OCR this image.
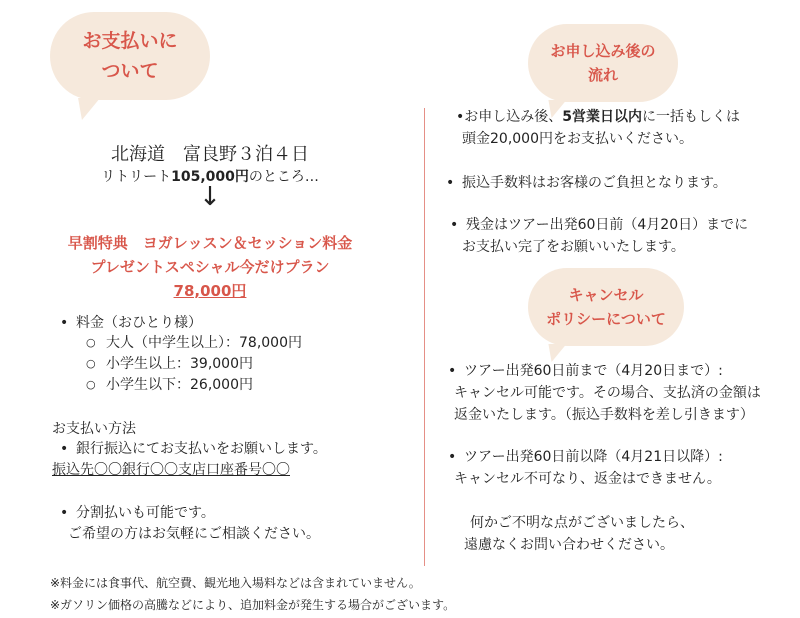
お支払いに
ついて
北海道　富良野３泊４日
リトリート105,000円のところ…
↓
早割特典　ヨガレッスン＆セッション料金
プレゼントスペシャル今だけプラン
78,000円
• 料金（おひとり様）
○ 大人（中学生以上）：78,000円
○ 小学生以上：39,000円
○ 小学生以下：26,000円
お支払い方法
• 銀行振込にてお支払いをお願いします。
振込先〇〇銀行〇〇支店口座番号〇〇
• 分割払いも可能です。
ご希望の方はお気軽にご相談ください。
お申し込み後の
流れ
•お申し込み後、5営業日以内に一括もしくは
頭金20,000円をお支払いください。
• 振込手数料はお客様のご負担となります。
• 残金はツアー出発60日前（4月20日）までに
お支払い完了をお願いいたします。
キャンセル
ポリシーについて
• ツアー出発60日前まで（4月20日まで）:
キャンセル可能です。その場合、支払済の金額は
返金いたします。（振込手数料を差し引きます）
• ツアー出発60日前以降（4月21日以降）:
キャンセル不可なり、返金はできません。
何かご不明な点がございましたら、
遠慮なくお問い合わせください。
※料金には食事代、航空費、観光地入場料などは含まれていません。
※ガソリン価格の高騰などにより、追加料金が発生する場合がございます。
